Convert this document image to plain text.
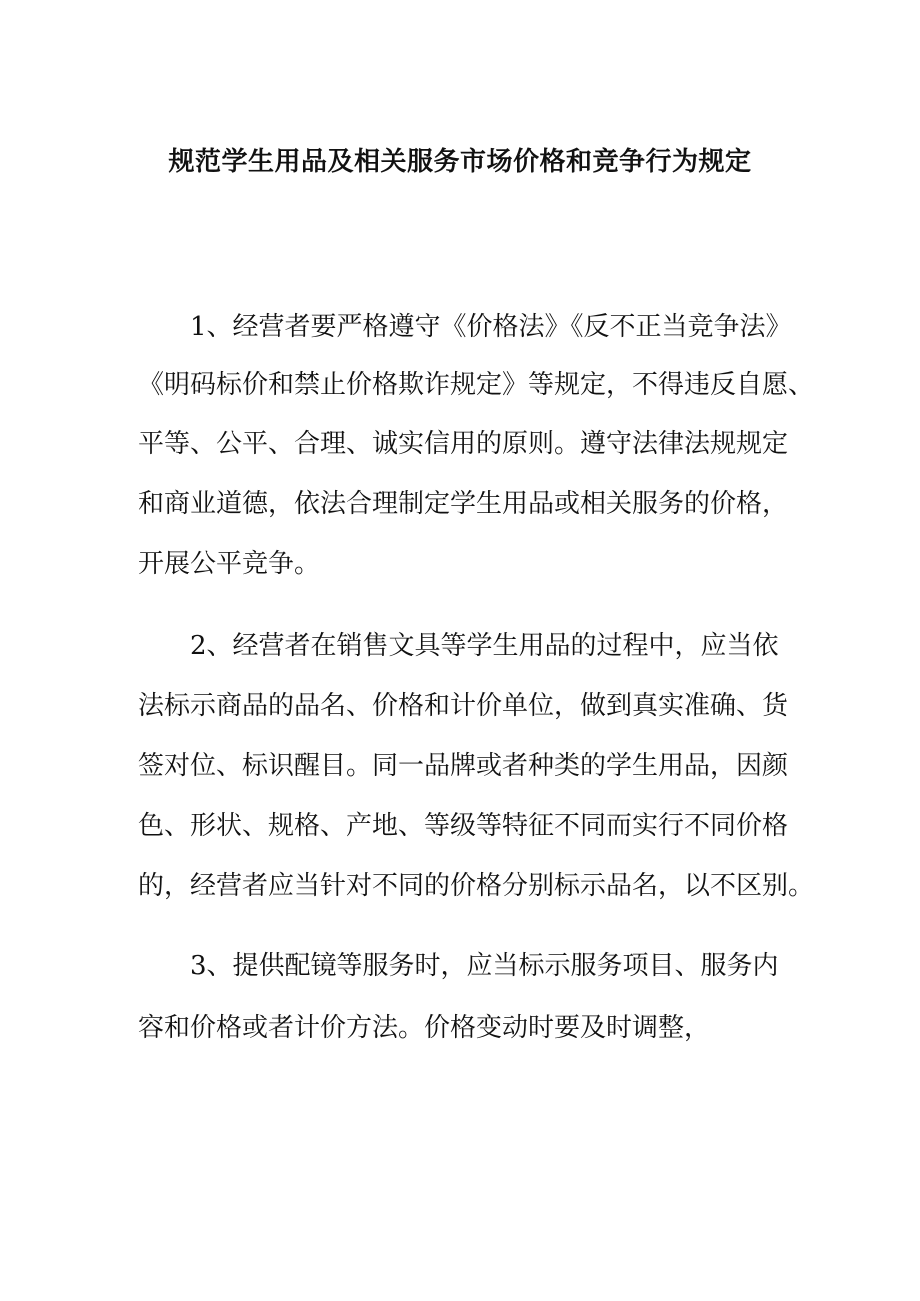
规范学生用品及相关服务市场价格和竞争行为规定
　　1、经营者要严格遵守《价格法》《反不正当竞争法》
《明码标价和禁止价格欺诈规定》等规定，不得违反自愿、
平等、公平、合理、诚实信用的原则。遵守法律法规规定
和商业道德，依法合理制定学生用品或相关服务的价格，
开展公平竞争。
　　2、经营者在销售文具等学生用品的过程中，应当依
法标示商品的品名、价格和计价单位，做到真实准确、货
签对位、标识醒目。同一品牌或者种类的学生用品，因颜
色、形状、规格、产地、等级等特征不同而实行不同价格
的，经营者应当针对不同的价格分别标示品名，以不区别。
　　3、提供配镜等服务时，应当标示服务项目、服务内
容和价格或者计价方法。价格变动时要及时调整，
